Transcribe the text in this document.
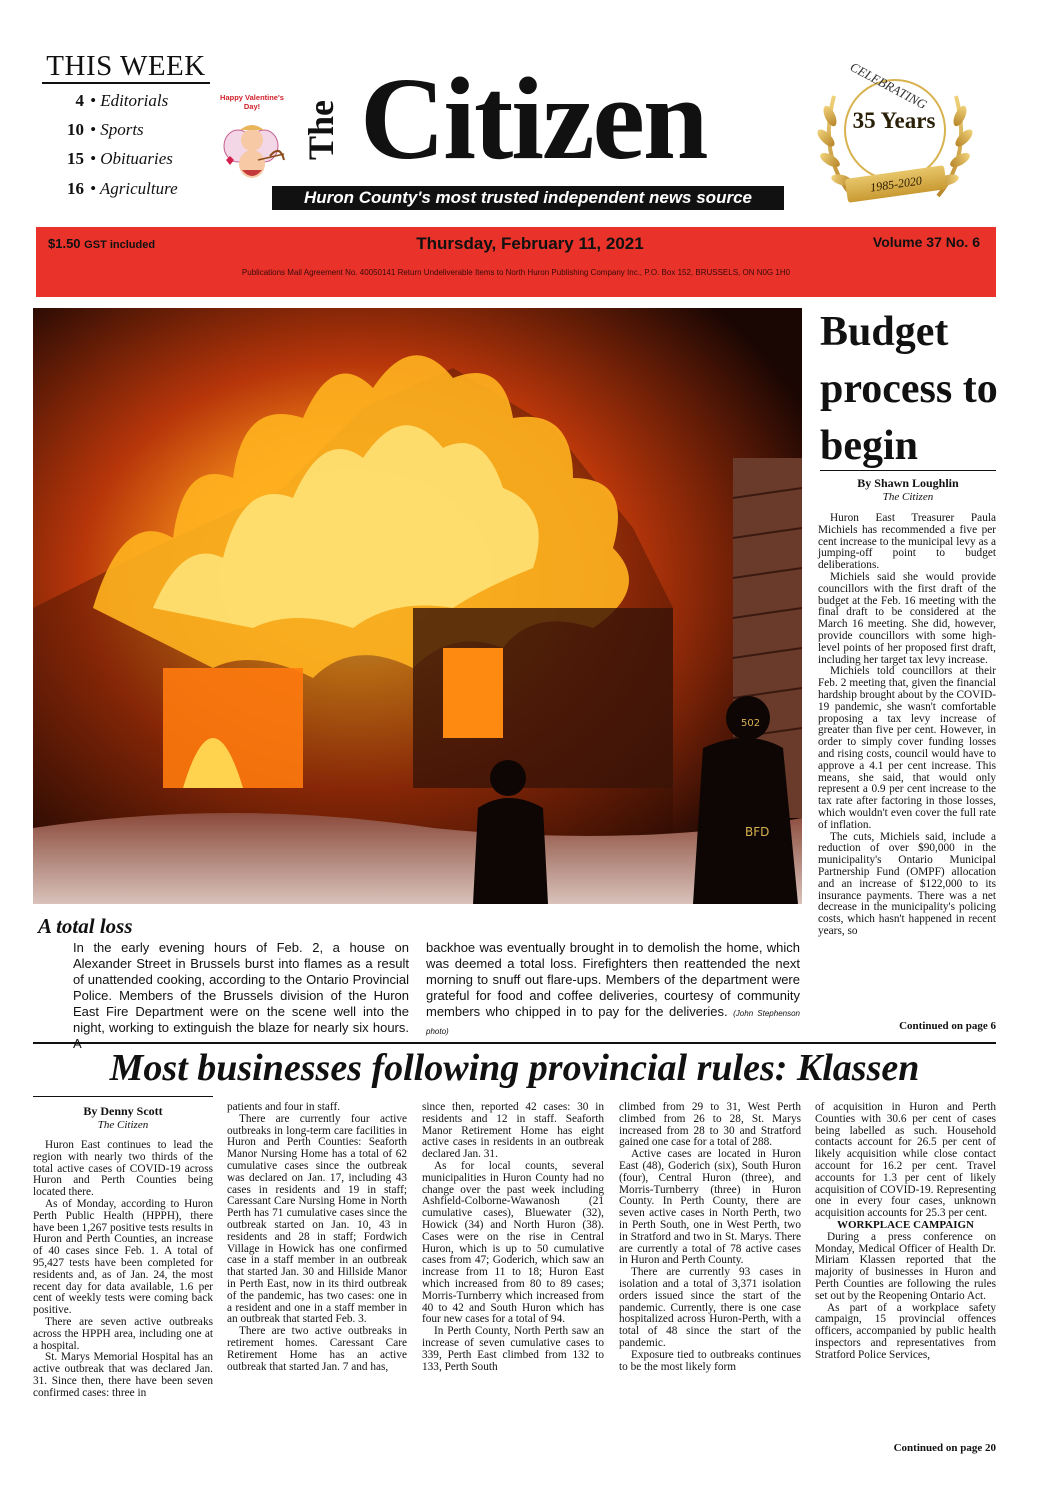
THIS WEEK
4 • Editorials
10 • Sports
15 • Obituaries
16 • Agriculture
Happy Valentine's Day!	The Citizen
Huron County's most trusted independent news source
CELEBRATING
35 Years
1985-2020
$1.50 GST included	Thursday, February 11, 2021	Volume 37 No. 6
Publications Mail Agreement No. 40050141 Return Undeliverable Items to North Huron Publishing Company Inc., P.O. Box 152, BRUSSELS, ON N0G 1H0
502
BFD
A total loss
In the early evening hours of Feb. 2, a house on Alexander Street in Brussels burst into flames as a result of unattended cooking, according to the Ontario Provincial Police. Members of the Brussels division of the Huron East Fire Department were on the scene well into the night, working to extinguish the blaze for nearly six hours.
backhoe was eventually brought in to demolish the home, which was deemed a total loss. Firefighters then reattended the next morning to snuff out flare-ups. Members of the department were grateful for food and coffee deliveries, courtesy of community members who chipped in to pay for the deliveries. (John Stephenson photo)
Budget process to begin
By Shawn Loughlin
The Citizen

Huron East Treasurer Paula Michiels has recommended a five per cent increase to the municipal levy as a jumping-off point to budget deliberations.

Michiels said she would provide councillors with the first draft of the budget at the Feb. 16 meeting with the final draft to be considered at the March 16 meeting. She did, however, provide councillors with some high-level points of her proposed first draft, including her target tax levy increase.

Michiels told councillors at their Feb. 2 meeting that, given the financial hardship brought about by the COVID-19 pandemic, she wasn't comfortable proposing a tax levy increase of greater than five per cent. However, in order to simply cover funding losses and rising costs, council would have to approve a 4.1 per cent increase. This means, she said, that would only represent a 0.9 per cent increase to the tax rate after factoring in those losses, which wouldn't even cover the full rate of inflation.

The cuts, Michiels said, include a reduction of over $90,000 in the municipality's Ontario Municipal Partnership Fund (OMPF) allocation and an increase of $122,000 to its insurance payments. There was a net decrease in the municipality's policing costs, which hasn't happened in recent years, so

Continued on page 6
Most businesses following provincial rules: Klassen
By Denny Scott
The Citizen

Huron East continues to lead the region with nearly two thirds of the total active cases of COVID-19 across Huron and Perth Counties being located there.

As of Monday, according to Huron Perth Public Health (HPPH), there have been 1,267 positive tests results in Huron and Perth Counties, an increase of 40 cases since Feb. 1. A total of 95,427 tests have been completed for residents and, as of Jan. 24, the most recent day for data available, 1.6 per cent of weekly tests were coming back positive.

There are seven active outbreaks across the HPPH area, including one at a hospital.

St. Marys Memorial Hospital has an active outbreak that was declared Jan. 31. Since then, there have been seven confirmed cases: three in

patients and four in staff.

There are currently four active outbreaks in long-term care facilities in Huron and Perth Counties: Seaforth Manor Nursing Home has a total of 62 cumulative cases since the outbreak was declared on Jan. 17, including 43 cases in residents and 19 in staff; Caressant Care Nursing Home in North Perth has 71 cumulative cases since the outbreak started on Jan. 10, 43 in residents and 28 in staff; Fordwich Village in Howick has one confirmed case in a staff member in an outbreak that started Jan. 30 and Hillside Manor in Perth East, now in its third outbreak of the pandemic, has two cases: one in a resident and one in a staff member in an outbreak that started Feb. 3.

There are two active outbreaks in retirement homes. Caressant Care Retirement Home has an active outbreak that started Jan. 7 and has,

since then, reported 42 cases: 30 in residents and 12 in staff. Seaforth Manor Retirement Home has eight active cases in residents in an outbreak declared Jan. 31.

As for local counts, several municipalities in Huron County had no change over the past week including Ashfield-Colborne-Wawanosh (21 cumulative cases), Bluewater (32), Howick (34) and North Huron (38). Cases were on the rise in Central Huron, which is up to 50 cumulative cases from 47; Goderich, which saw an increase from 11 to 18; Huron East which increased from 80 to 89 cases; Morris-Turnberry which increased from 40 to 42 and South Huron which has four new cases for a total of 94.

In Perth County, North Perth saw an increase of seven cumulative cases to 339, Perth East climbed from 132 to 133, Perth South

climbed from 29 to 31, West Perth climbed from 26 to 28, St. Marys increased from 28 to 30 and Stratford gained one case for a total of 288.

Active cases are located in Huron East (48), Goderich (six), South Huron (four), Central Huron (three), and Morris-Turnberry (three) in Huron County. In Perth County, there are seven active cases in North Perth, two in Perth South, one in West Perth, two in Stratford and two in St. Marys. There are currently a total of 78 active cases in Huron and Perth County.

There are currently 93 cases in isolation and a total of 3,371 isolation orders issued since the start of the pandemic. Currently, there is one case hospitalized across Huron-Perth, with a total of 48 since the start of the pandemic.

Exposure tied to outbreaks continues to be the most likely form

of acquisition in Huron and Perth Counties with 30.6 per cent of cases being labelled as such. Household contacts account for 26.5 per cent of likely acquisition while close contact account for 16.2 per cent. Travel accounts for 1.3 per cent of likely acquisition of COVID-19. Representing one in every four cases, unknown acquisition accounts for 25.3 per cent.

WORKPLACE CAMPAIGN

During a press conference on Monday, Medical Officer of Health Dr. Miriam Klassen reported that the majority of businesses in Huron and Perth Counties are following the rules set out by the Reopening Ontario Act.

As part of a workplace safety campaign, 15 provincial offences officers, accompanied by public health inspectors and representatives from Stratford Police Services,

Continued on page 20
